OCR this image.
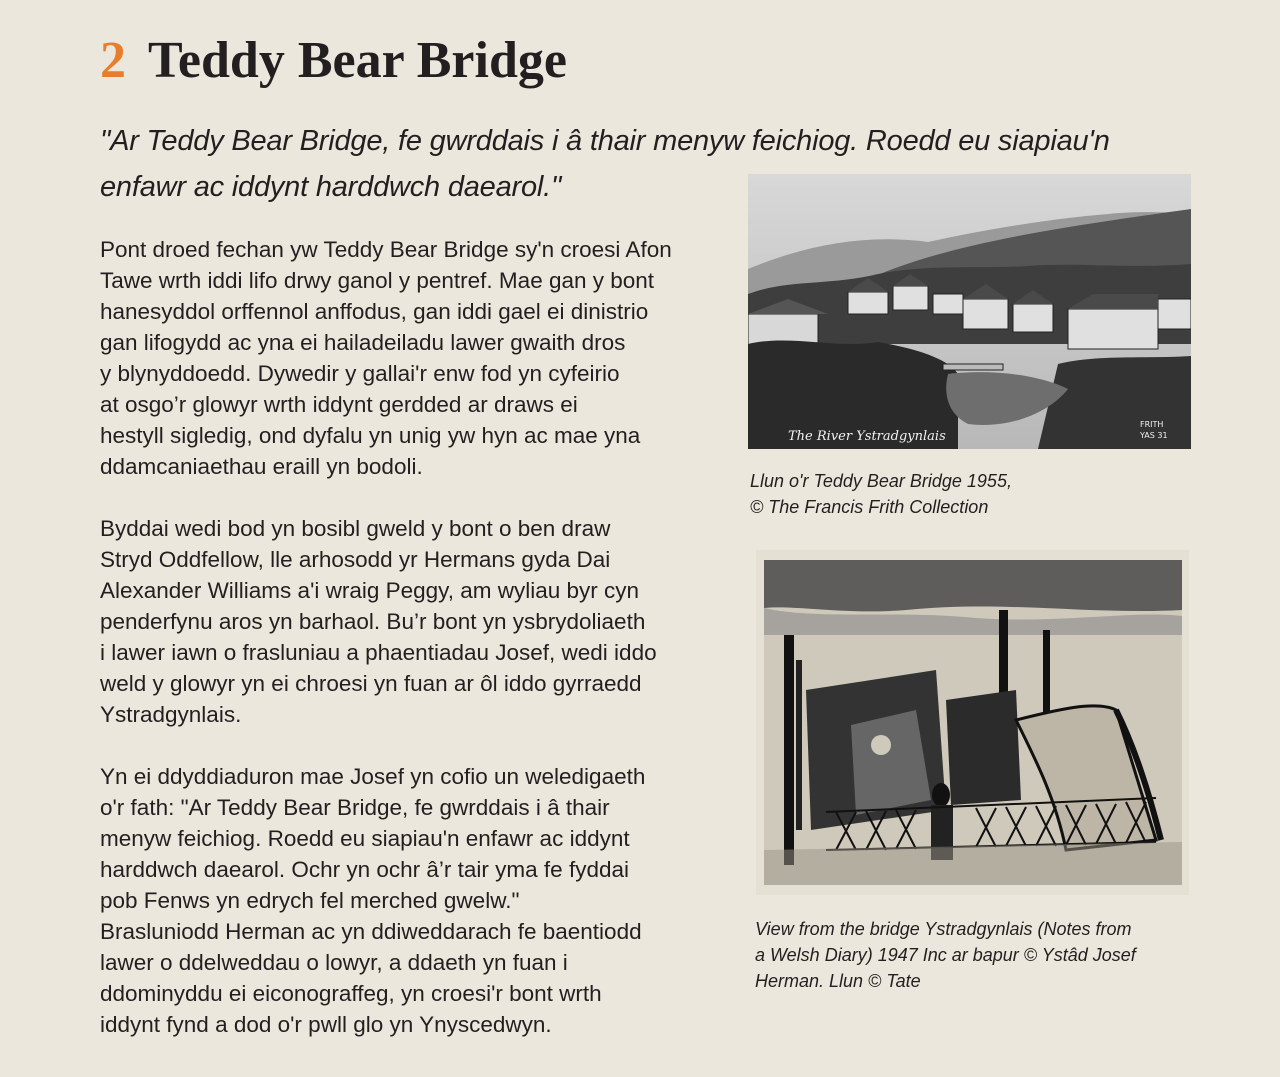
2 Teddy Bear Bridge
"Ar Teddy Bear Bridge, fe gwrddais i â thair menyw feichiog. Roedd eu siapiau'n
enfawr ac iddynt harddwch daearol."

Pont droed fechan yw Teddy Bear Bridge sy'n croesi Afon
Tawe wrth iddi lifo drwy ganol y pentref. Mae gan y bont
hanesyddol orffennol anffodus, gan iddi gael ei dinistrio
gan lifogydd ac yna ei hailadeiladu lawer gwaith dros
y blynyddoedd. Dywedir y gallai'r enw fod yn cyfeirio
at osgo’r glowyr wrth iddynt gerdded ar draws ei
hestyll sigledig, ond dyfalu yn unig yw hyn ac mae yna
ddamcaniaethau eraill yn bodoli.

Byddai wedi bod yn bosibl gweld y bont o ben draw
Stryd Oddfellow, lle arhosodd yr Hermans gyda Dai
Alexander Williams a'i wraig Peggy, am wyliau byr cyn
penderfynu aros yn barhaol. Bu’r bont yn ysbrydoliaeth
i lawer iawn o frasluniau a phaentiadau Josef, wedi iddo
weld y glowyr yn ei chroesi yn fuan ar ôl iddo gyrraedd
Ystradgynlais.

Yn ei ddyddiaduron mae Josef yn cofio un weledigaeth
o'r fath: "Ar Teddy Bear Bridge, fe gwrddais i â thair
menyw feichiog. Roedd eu siapiau'n enfawr ac iddynt
harddwch daearol. Ochr yn ochr â’r tair yma fe fyddai
pob Fenws yn edrych fel merched gwelw."
Brasluniodd Herman ac yn ddiweddarach fe baentiodd
lawer o ddelweddau o lowyr, a ddaeth yn fuan i
ddominyddu ei eiconograffeg, yn croesi'r bont wrth
iddynt fynd a dod o'r pwll glo yn Ynyscedwyn.

The River Ystradgynlais
FRITH
YAS 31
Llun o'r Teddy Bear Bridge 1955,
© The Francis Frith Collection
View from the bridge Ystradgynlais (Notes from
a Welsh Diary) 1947 Inc ar bapur © Ystâd Josef
Herman. Llun © Tate
